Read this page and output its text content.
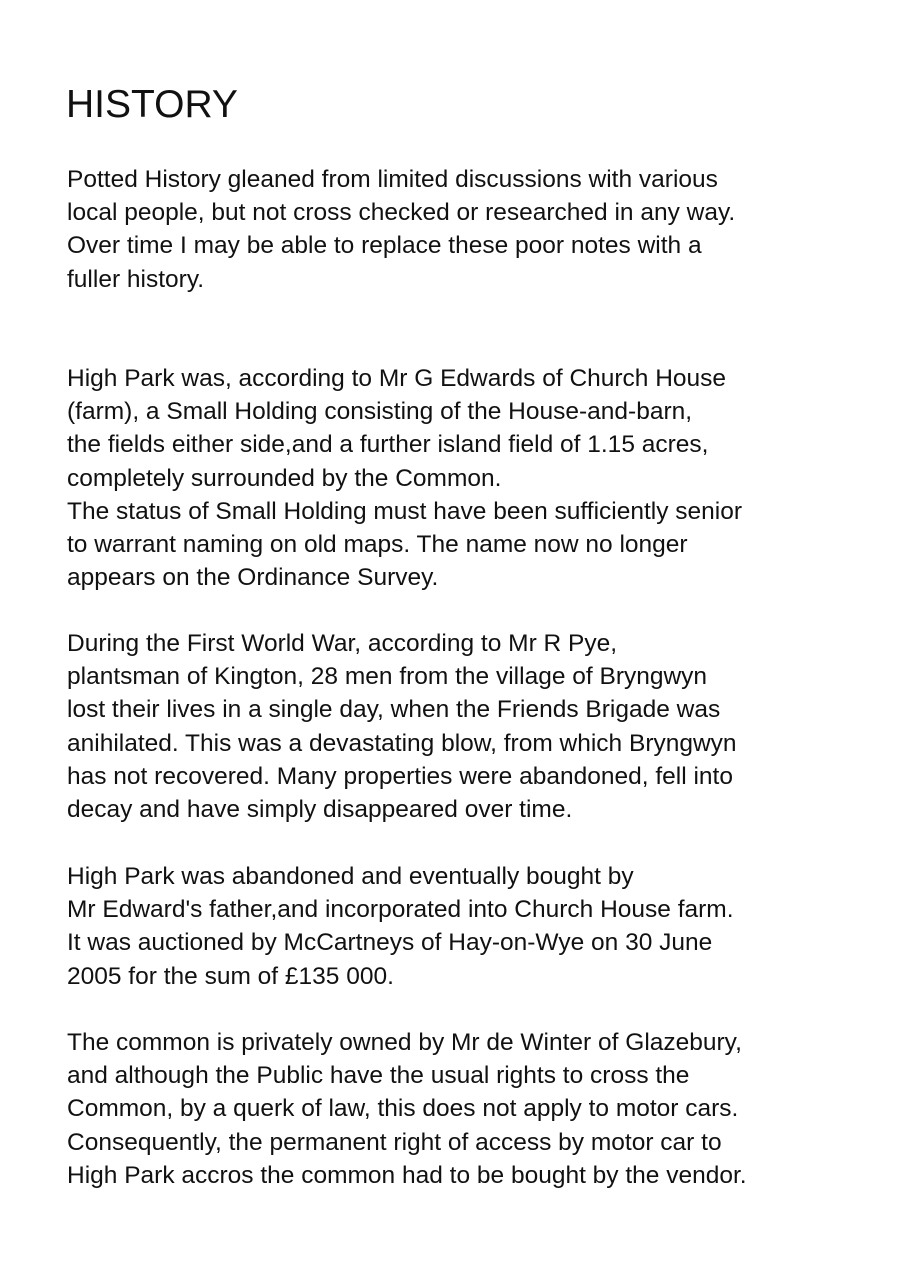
HISTORY

Potted History gleaned from limited discussions with various
local people, but not cross checked or researched in any way.
Over time I may be able to replace these poor notes with a
fuller history.

High Park was, according to Mr G Edwards of Church House
(farm), a Small Holding consisting of the House-and-barn,
the fields either side,and a further island field of 1.15 acres,
completely surrounded by the Common.
The status of Small Holding must have been sufficiently senior
to warrant naming on old maps. The name now no longer
appears on the Ordinance Survey.

During the First World War, according to Mr R Pye,
plantsman of Kington, 28 men from the village of Bryngwyn
lost their lives in a single day, when the Friends Brigade was
anihilated. This was a devastating blow, from which Bryngwyn
has not recovered. Many properties were abandoned, fell into
decay and have simply disappeared over time.

High Park was abandoned and eventually bought by
Mr Edward's father,and incorporated into Church House farm.
It was auctioned by McCartneys of Hay-on-Wye on 30 June
2005 for the sum of £135 000.

The common is privately owned by Mr de Winter of Glazebury,
and although the Public have the usual rights to cross the
Common, by a querk of law, this does not apply to motor cars.
Consequently, the permanent right of access by motor car to
High Park accros the common had to be bought by the vendor.
